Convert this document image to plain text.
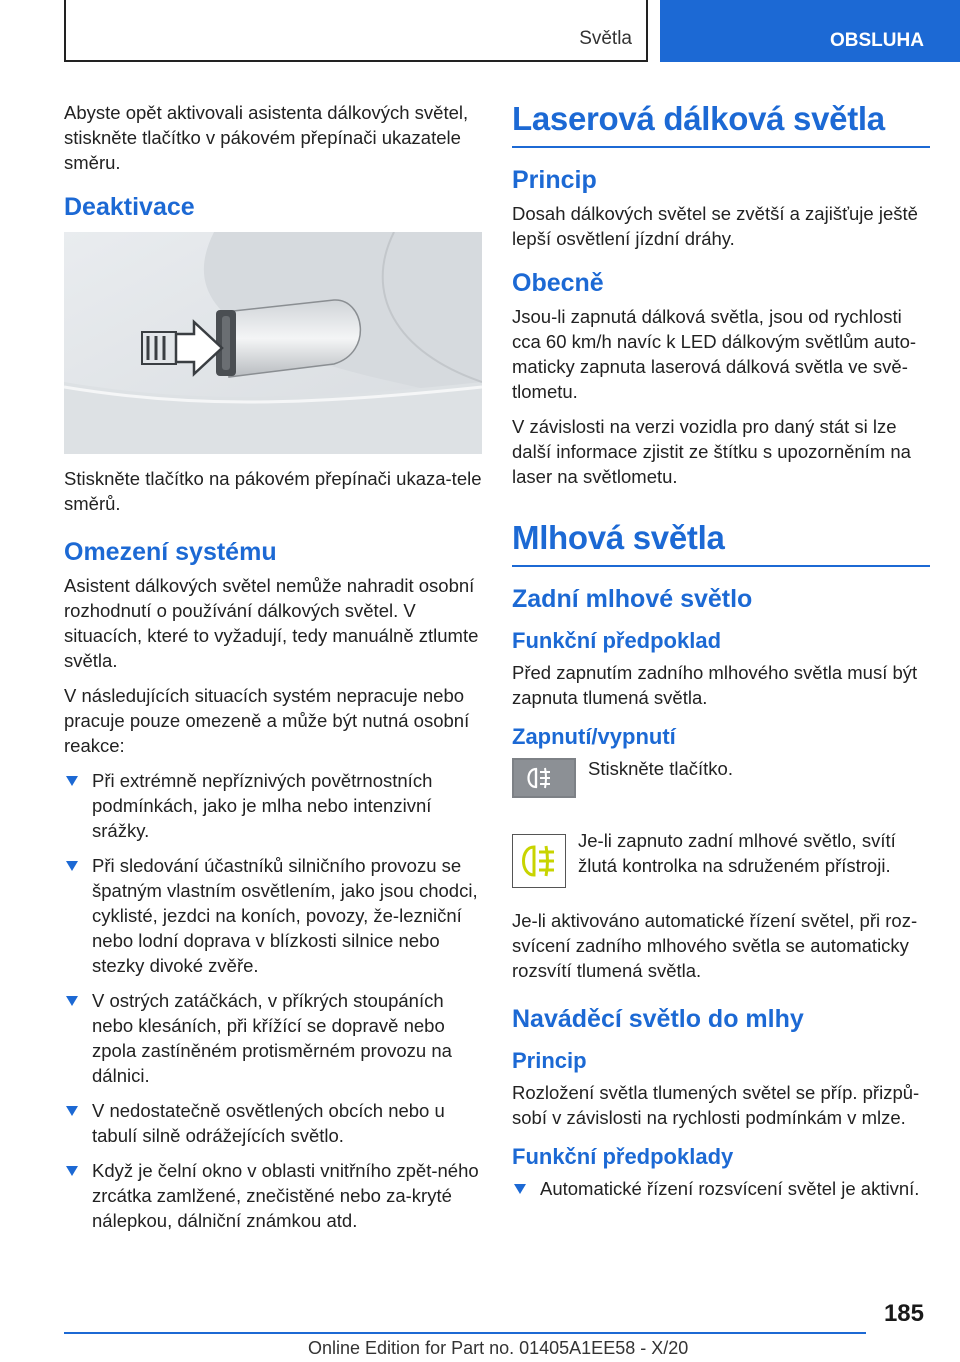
Světla	OBSLUHA

Abyste opět aktivovali asistenta dálkových světel, stiskněte tlačítko v pákovém přepínači ukazatele směru.

Deaktivace

Stiskněte tlačítko na pákovém přepínači ukaza-tele směrů.

Omezení systému

Asistent dálkových světel nemůže nahradit osobní rozhodnutí o používání dálkových světel. V situacích, které to vyžadují, tedy manuálně ztlumte světla.

V následujících situacích systém nepracuje nebo pracuje pouze omezeně a může být nutná osobní reakce:

Při extrémně nepříznivých povětrnostních podmínkách, jako je mlha nebo intenzivní srážky.
Při sledování účastníků silničního provozu se špatným vlastním osvětlením, jako jsou chodci, cyklisté, jezdci na koních, povozy, že-lezniční nebo lodní doprava v blízkosti silnice nebo stezky divoké zvěře.
V ostrých zatáčkách, v příkrých stoupáních nebo klesáních, při křížící se dopravě nebo zpola zastíněném protisměrném provozu na dálnici.
V nedostatečně osvětlených obcích nebo u tabulí silně odrážejících světlo.
Když je čelní okno v oblasti vnitřního zpět-ného zrcátka zamlžené, znečistěné nebo za-kryté nálepkou, dálniční známkou atd.
Laserová dálková světla
Princip

Dosah dálkových světel se zvětší a zajišťuje ještě lepší osvětlení jízdní dráhy.

Obecně

Jsou-li zapnutá dálková světla, jsou od rychlosti cca 60 km/h navíc k LED dálkovým světlům auto-maticky zapnuta laserová dálková světla ve svě-tlometu.

V závislosti na verzi vozidla pro daný stát si lze další informace zjistit ze štítku s upozorněním na laser na světlometu.

Mlhová světla
Zadní mlhové světlo
Funkční předpoklad

Před zapnutím zadního mlhového světla musí být zapnuta tlumená světla.

Zapnutí/vypnutí

Stiskněte tlačítko.

Je-li zapnuto zadní mlhové světlo, svítí žlutá kontrolka na sdruženém přístroji.

Je-li aktivováno automatické řízení světel, při roz-svícení zadního mlhového světla se automaticky rozsvítí tlumená světla.

Naváděcí světlo do mlhy
Princip

Rozložení světla tlumených světel se příp. přizpů-sobí v závislosti na rychlosti podmínkám v mlze.

Funkční předpoklady
Automatické řízení rozsvícení světel je aktivní.
185
Online Edition for Part no. 01405A1EE58 - X/20
